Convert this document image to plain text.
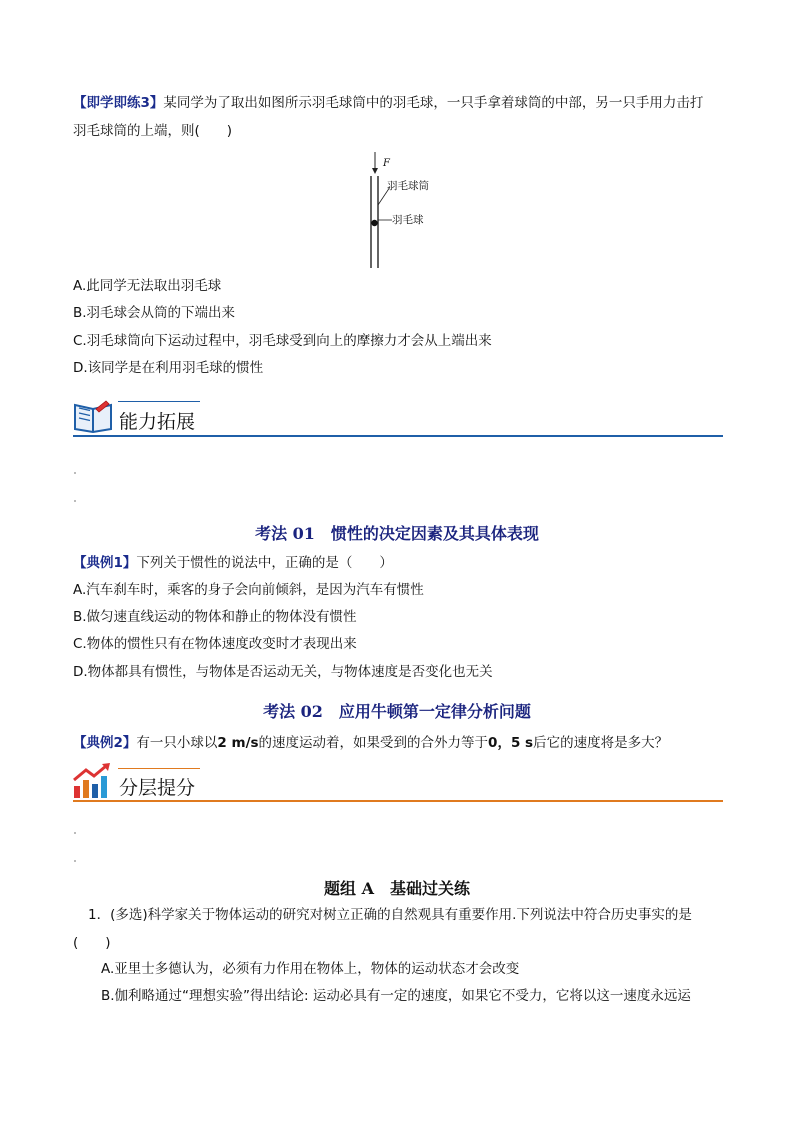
【即学即练3】某同学为了取出如图所示羽毛球筒中的羽毛球，一只手拿着球筒的中部，另一只手用力击打
羽毛球筒的上端，则(　　)
F
羽毛球筒
羽毛球
A.此同学无法取出羽毛球
B.羽毛球会从筒的下端出来
C.羽毛球筒向下运动过程中，羽毛球受到向上的摩擦力才会从上端出来
D.该同学是在利用羽毛球的惯性
能力拓展
考法 01　惯性的决定因素及其具体表现
【典例1】下列关于惯性的说法中，正确的是（　　）
A.汽车刹车时，乘客的身子会向前倾斜，是因为汽车有惯性
B.做匀速直线运动的物体和静止的物体没有惯性
C.物体的惯性只有在物体速度改变时才表现出来
D.物体都具有惯性，与物体是否运动无关，与物体速度是否变化也无关
考法 02　应用牛顿第一定律分析问题
【典例2】有一只小球以2 m/s的速度运动着，如果受到的合外力等于0，5 s后它的速度将是多大？
分层提分
题组 A　基础过关练
1．(多选)科学家关于物体运动的研究对树立正确的自然观具有重要作用.下列说法中符合历史事实的是
(　　)
A.亚里士多德认为，必须有力作用在物体上，物体的运动状态才会改变
B.伽利略通过“理想实验”得出结论: 运动必具有一定的速度，如果它不受力，它将以这一速度永远运
